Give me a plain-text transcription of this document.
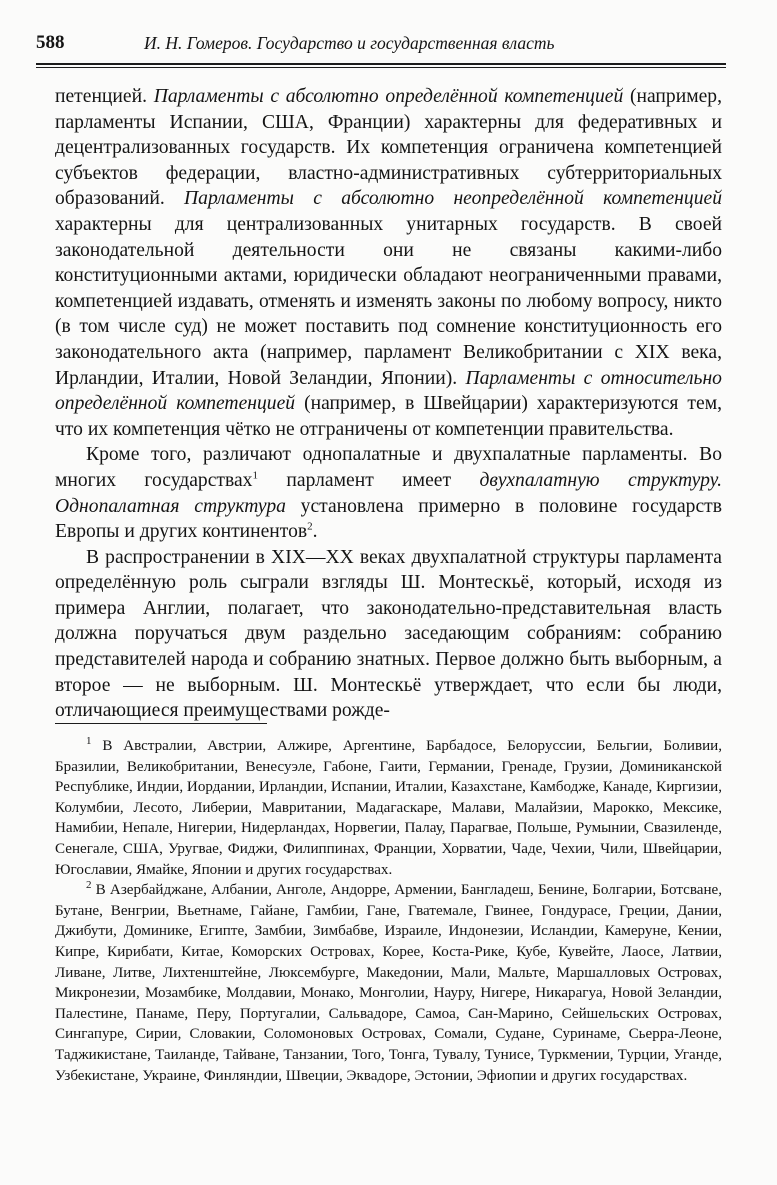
588	И. Н. Гомеров. Государство и государственная власть

петенцией. Парламенты с абсолютно определённой компетенцией (например, парламенты Испании, США, Франции) характерны для федеративных и децентрализованных государств. Их компетенция ограничена компетенцией субъектов федерации, властно-административных субтерриториальных образований. Парламенты с абсолютно неопределённой компетенцией характерны для централизованных унитарных государств. В своей законодательной деятельности они не связаны какими-либо конституционными актами, юридически обладают неограниченными правами, компетенцией издавать, отменять и изменять законы по любому вопросу, никто (в том числе суд) не может поставить под сомнение конституционность его законодательного акта (например, парламент Великобритании с XIX века, Ирландии, Италии, Новой Зеландии, Японии). Парламенты с относительно определённой компетенцией (например, в Швейцарии) характеризуются тем, что их компетенция чётко не отграничены от компетенции правительства.

Кроме того, различают однопалатные и двухпалатные парламенты. Во многих государствах$^1$ парламент имеет двухпалатную структуру. Однопалатная структура установлена примерно в половине государств Европы и других континентов$^2$.

В распространении в XIX—XX веках двухпалатной структуры парламента определённую роль сыграли взгляды Ш. Монтескьё, который, исходя из примера Англии, полагает, что законодательно-представительная власть должна поручаться двум раздельно заседающим собраниям: собранию представителей народа и собранию знатных. Первое должно быть выборным, а второе — не выборным. Ш. Монтескьё утверждает, что если бы люди, отличающиеся преимуществами рожде-

$^1$ В Австралии, Австрии, Алжире, Аргентине, Барбадосе, Белоруссии, Бельгии, Боливии, Бразилии, Великобритании, Венесуэле, Габоне, Гаити, Германии, Гренаде, Грузии, Доминиканской Республике, Индии, Иордании, Ирландии, Испании, Италии, Казахстане, Камбодже, Канаде, Киргизии, Колумбии, Лесото, Либерии, Мавритании, Мадагаскаре, Малави, Малайзии, Марокко, Мексике, Намибии, Непале, Нигерии, Нидерландах, Норвегии, Палау, Парагвае, Польше, Румынии, Свазиленде, Сенегале, США, Уругвае, Фиджи, Филиппинах, Франции, Хорватии, Чаде, Чехии, Чили, Швейцарии, Югославии, Ямайке, Японии и других государствах.

$^2$ В Азербайджане, Албании, Анголе, Андорре, Армении, Бангладеш, Бенине, Болгарии, Ботсване, Бутане, Венгрии, Вьетнаме, Гайане, Гамбии, Гане, Гватемале, Гвинее, Гондурасе, Греции, Дании, Джибути, Доминике, Египте, Замбии, Зимбабве, Израиле, Индонезии, Исландии, Камеруне, Кении, Кипре, Кирибати, Китае, Коморских Островах, Корее, Коста-Рике, Кубе, Кувейте, Лаосе, Латвии, Ливане, Литве, Лихтенштейне, Люксембурге, Македонии, Мали, Мальте, Маршалловых Островах, Микронезии, Мозамбике, Молдавии, Монако, Монголии, Науру, Нигере, Никарагуа, Новой Зеландии, Палестине, Панаме, Перу, Португалии, Сальвадоре, Самоа, Сан-Марино, Сейшельских Островах, Сингапуре, Сирии, Словакии, Соломоновых Островах, Сомали, Судане, Суринаме, Сьерра-Леоне, Таджикистане, Таиланде, Тайване, Танзании, Того, Тонга, Тувалу, Тунисе, Туркмении, Турции, Уганде, Узбекистане, Украине, Финляндии, Швеции, Эквадоре, Эстонии, Эфиопии и других государствах.
